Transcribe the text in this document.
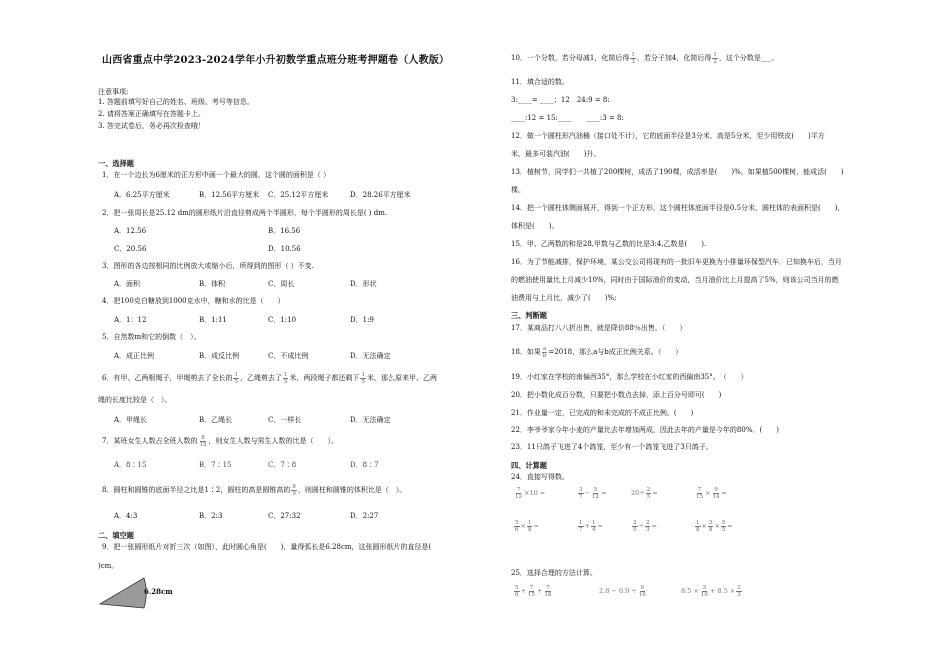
山西省重点中学2023-2024学年小升初数学重点班分班考押题卷（人教版）
注意事项:
1. 答题前填写好自己的姓名、班级、考号等信息。
2. 请将答案正确填写在答题卡上。
3. 答完试卷后，务必再次检查哦！
一、选择题
1．在一个边长为6厘米的正方形中画一个最大的圆，这个圆的面积是（ ）
A．6.25平方厘米	B．12.56平方厘米 C．25.12平方厘米	D．28.26平方厘米
2．把一张周长是25.12 dm的圆形纸片沿直径剪成两个半圆形，每个半圆形的周长是( ) dm.
A．12.56	B．16.56
C．20.56	D．10.56
3．图形的各边按相同的比例放大或缩小后，所得到的图形（ ）不变.
A．面积	B．体积	C．周长	D．形状
4．把100克白糖放到1000克水中，糖和水的比是（　　）
A．1：12	B．1:11	C．1:10	D．1:9
5．自然数m和它的倒数（　）。
A．成正比例	B．成反比例	C．不成比例	D．无法确定
6．有甲、乙两根绳子，甲绳剪去了全长的 $\frac{1}{5}$ ，乙绳剪去了 $\frac{1}{5}$ 米，两段绳子都还剩下 $\frac{1}{5}$ 米，那么原来甲、乙两
绳的长度比较是（　）。
A．甲绳长	B．乙绳长	C．一样长	D．无法确定
7．某班女生人数占全班人数的 $\frac{8}{15}$ ，则女生人数与男生人数的比是（　　）。
A．8∶15	B．7∶15	C．7∶8	D．8∶7
8．圆柱和圆锥的底面半径之比是1∶2，圆柱的高是圆锥高的 $\frac{8}{9}$ ，则圆柱和圆锥的体积比是（　）。
A．4:3	B．2:3	C．27:32	D．2:27
二、填空题
9．把一张圆形纸片对折三次（如图），此时圆心角是(　　)，量得弧长是6.28cm，这张圆形纸片的直径是(
)cm。
6.28cm
10．一个分数，若分母减1，化简后得 $\frac{1}{3}$ ，若分子加4，化简后得 $\frac{1}{2}$ ，这个分数是___。
11．填合适的数。
3:____= ____；12　24:9 = 8:
____:12 = 15:____　　____:3 = 8:
12．做一个圆柱形汽油桶（接口处不计），它的底面半径是3分米，高是5分米，至少用铁皮(　　)平方
米，最多可装汽油(　　)升。
13．植树节，同学们一共植了200棵树，成活了190棵，成活率是(　　)%，如果植500棵树，能成活(　　)
棵。
14．把一个圆柱体侧面展开，得到一个正方形，这个圆柱体底面半径是0.5分米，圆柱体的表面积是(　　)，
体积是(　　)。
15．甲、乙两数的和是28,甲数与乙数的比是3:4,乙数是(　　).
16．为了节能减排，保护环境，某公交公司将现有的一批旧车更换为小排量环保型汽车．已知换车后，当月
的燃油使用量比上月减少10%，同时由于国际油价的变动，当月油价比上月提高了5%，则该公司当月的燃
油费用与上月比，减少了(　　)%;
三、判断题
17．某商品打八八折出售，就是降价88％出售。（　　）
18．如果 $\frac{a}{b} =2018$，那么a与b成正比例关系。（　　）
19．小红家在学校的南偏西35°，那么学校在小红家的西偏南35°。　（　　）
20．把小数化成百分数，只要把小数点去掉，添上百分号即可(　　)
21．作业量一定，已完成的和未完成的不成正比例。(　　)
22．李爷爷家今年小麦的产量比去年增加两成，因此去年的产量是今年的80%．(　　)
23．11只鸽子飞进了4个鸽笼，至少有一个鸽笼飞进了3只鸽子。
四、计算题
24．直接写得数。
$\frac{7}{12} \times 10$ =	$\frac{3}{7} - \frac{5}{12}$ =	$20\div \frac{2}{5}$ =	$\frac{7}{15} \times \frac{9}{14}$ =
$\frac{5}{6} \times \frac{1}{8}$ =	$\frac{1}{7} + \frac{1}{4}$ =	$\frac{2}{5} \div \frac{2}{3}$ =	$\frac{1}{8} \times \frac{5}{8} \times \frac{5}{5}$ =
25．选择合理的方法计算。
$\frac{5}{6} + \frac{7}{15} + \frac{7}{18}$	$2.8 - 0.9 \div \frac{9}{10}$	$8.5 \times \frac{3}{10} + 8.5 \times \frac{2}{3}$
